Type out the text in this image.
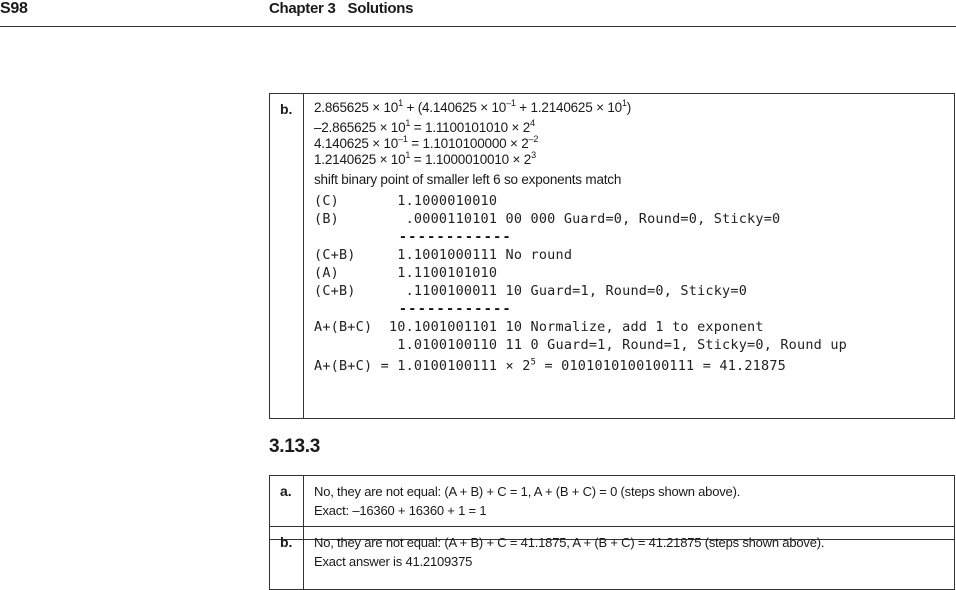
S98	Chapter 3 Solutions
b.	$2.865625 \times 10^1 + (4.140625 \times 10^{-1} + 1.2140625 \times 10^1)$
$-2.865625 \times 10^1 = 1.1100101010 \times 2^4$
$4.140625 \times 10^{-1} = 1.1010100000 \times 2^{-2}$
$1.2140625 \times 10^1 = 1.1000010010 \times 2^3$
shift binary point of smaller left 6 so exponents match
(C)       1.1000010010
(B)        .0000110101 00 000 Guard=0, Round=0, Sticky=0
------------
(C+B)     1.1001000111 No round
(A)       1.1100101010
(C+B)      .1100100011 10 Guard=1, Round=0, Sticky=0
------------
A+(B+C)  10.1001001101 10 Normalize, add 1 to exponent
1.0100100110 11 0 Guard=1, Round=1, Sticky=0, Round up
$A+(B+C) = 1.0100100111 \times 2^5 = 0101010100100111 = 41.21875$
3.13.3
a.	No, they are not equal: (A + B) + C = 1, A + (B + C) = 0 (steps shown above).
Exact: –16360 + 16360 + 1 = 1
b.	No, they are not equal: (A + B) + C = 41.1875, A + (B + C) = 41.21875 (steps shown above).
Exact answer is 41.2109375
